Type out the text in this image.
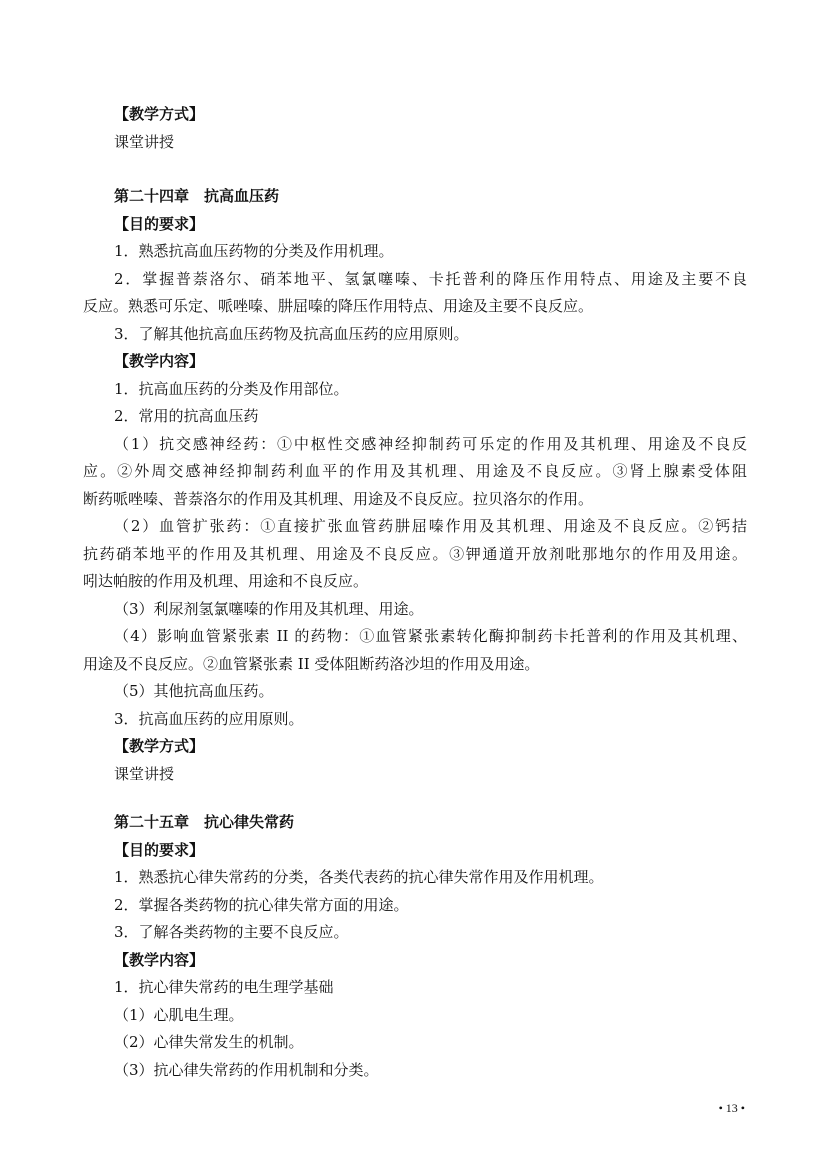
【教学方式】
课堂讲授
第二十四章　抗高血压药
【目的要求】
1．熟悉抗高血压药物的分类及作用机理。
2．掌握普萘洛尔、硝苯地平、氢氯噻嗪、卡托普利的降压作用特点、用途及主要不良
反应。熟悉可乐定、哌唑嗪、肼屈嗪的降压作用特点、用途及主要不良反应。
3．了解其他抗高血压药物及抗高血压药的应用原则。
【教学内容】
1．抗高血压药的分类及作用部位。
2．常用的抗高血压药
（1）抗交感神经药：①中枢性交感神经抑制药可乐定的作用及其机理、用途及不良反
应。②外周交感神经抑制药利血平的作用及其机理、用途及不良反应。③肾上腺素受体阻
断药哌唑嗪、普萘洛尔的作用及其机理、用途及不良反应。拉贝洛尔的作用。
（2）血管扩张药：①直接扩张血管药肼屈嗪作用及其机理、用途及不良反应。②钙拮
抗药硝苯地平的作用及其机理、用途及不良反应。③钾通道开放剂吡那地尔的作用及用途。
吲达帕胺的作用及机理、用途和不良反应。
（3）利尿剂氢氯噻嗪的作用及其机理、用途。
（4）影响血管紧张素 II 的药物：①血管紧张素转化酶抑制药卡托普利的作用及其机理、
用途及不良反应。②血管紧张素 II 受体阻断药洛沙坦的作用及用途。
（5）其他抗高血压药。
3．抗高血压药的应用原则。
【教学方式】
课堂讲授
第二十五章　抗心律失常药
【目的要求】
1．熟悉抗心律失常药的分类，各类代表药的抗心律失常作用及作用机理。
2．掌握各类药物的抗心律失常方面的用途。
3．了解各类药物的主要不良反应。
【教学内容】
1．抗心律失常药的电生理学基础
（1）心肌电生理。
（2）心律失常发生的机制。
（3）抗心律失常药的作用机制和分类。
• 13 •
